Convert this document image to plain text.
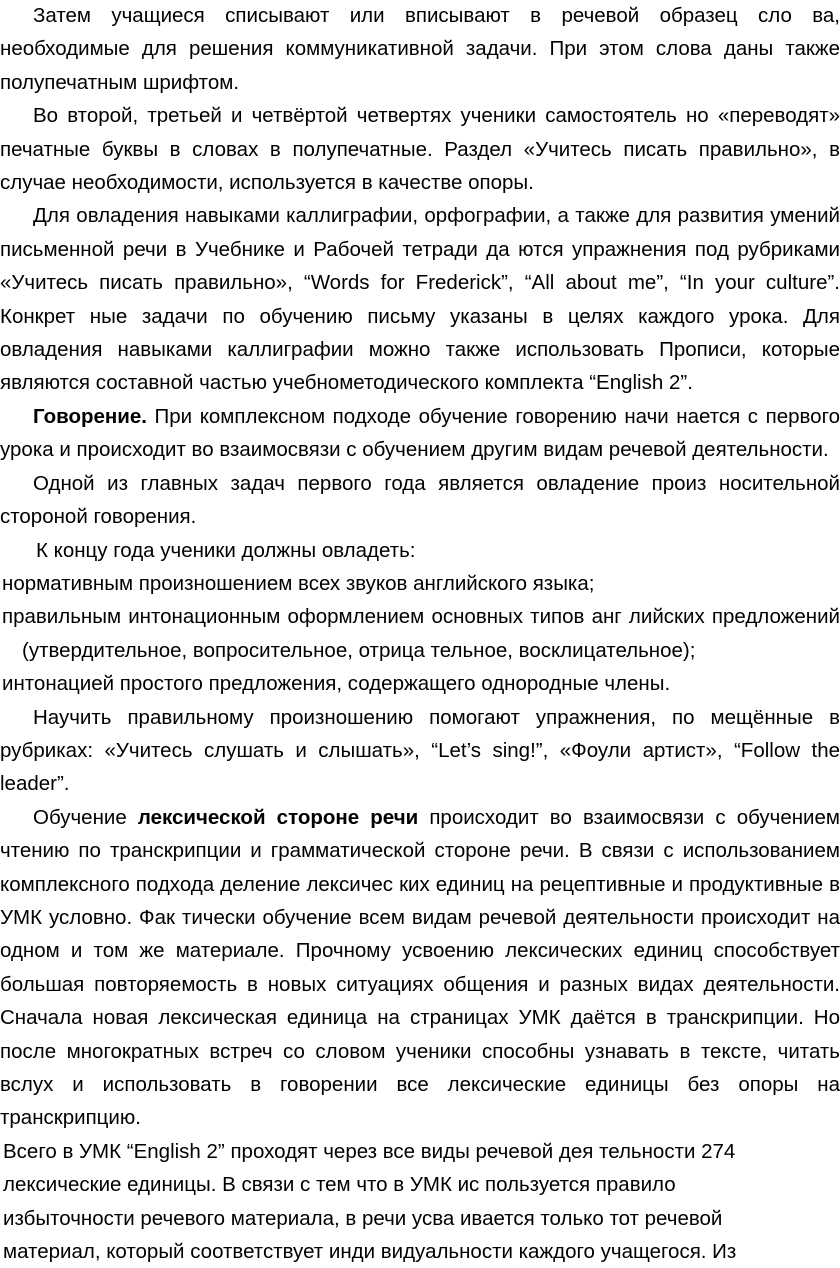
Затем учащиеся списывают или вписывают в речевой образец сло ва, необходимые для решения коммуникативной задачи. При этом слова даны также полупечатным шрифтом.

Во второй, третьей и четвёртой четвертях ученики самостоятель но «переводят» печатные буквы в словах в полупечатные. Раздел «Учитесь писать правильно», в случае необходимости, используется в качестве опоры.

Для овладения навыками каллиграфии, орфографии, а также для развития умений письменной речи в Учебнике и Рабочей тетради да ются упражнения под рубриками «Учитесь писать правильно», “Words for Frederick”, “All about me”, “In your culture”. Конкрет ные задачи по обучению письму указаны в целях каждого урока. Для овладения навыками каллиграфии можно также использовать Прописи, которые являются составной частью учебнометодического комплекта “English 2”.

Говорение. При комплексном подходе обучение говорению начи нается с первого урока и происходит во взаимосвязи с обучением другим видам речевой деятельности.

Одной из главных задач первого года является овладение произ носительной стороной говорения.

К концу года ученики должны овладеть:

нормативным произношением всех звуков английского языка;

правильным интонационным оформлением основных типов анг лийских предложений (утвердительное, вопросительное, отрица тельное, восклицательное);

интонацией простого предложения, содержащего однородные члены.

Научить правильному произношению помогают упражнения, по мещённые в рубриках: «Учитесь слушать и слышать», “Let’s sing!”, «Фоули артист», “Follow the leader”.

Обучение лексической стороне речи происходит во взаимосвязи с обучением чтению по транскрипции и грамматической стороне речи. В связи с использованием комплексного подхода деление лексичес ких единиц на рецептивные и продуктивные в УМК условно. Фак тически обучение всем видам речевой деятельности происходит на одном и том же материале. Прочному усвоению лексических единиц способствует большая повторяемость в новых ситуациях общения и разных видах деятельности. Сначала новая лексическая единица на страницах УМК даётся в транскрипции. Но после многократных встреч со словом ученики способны узнавать в тексте, читать вслух и использовать в говорении все лексические единицы без опоры на транскрипцию.

Всего в УМК “English 2” проходят через все виды речевой дея тельности 274
лексические единицы. В связи с тем что в УМК ис пользуется правило
избыточности речевого материала, в речи усва ивается только тот речевой
материал, который соответствует инди видуальности каждого учащегося. Из
